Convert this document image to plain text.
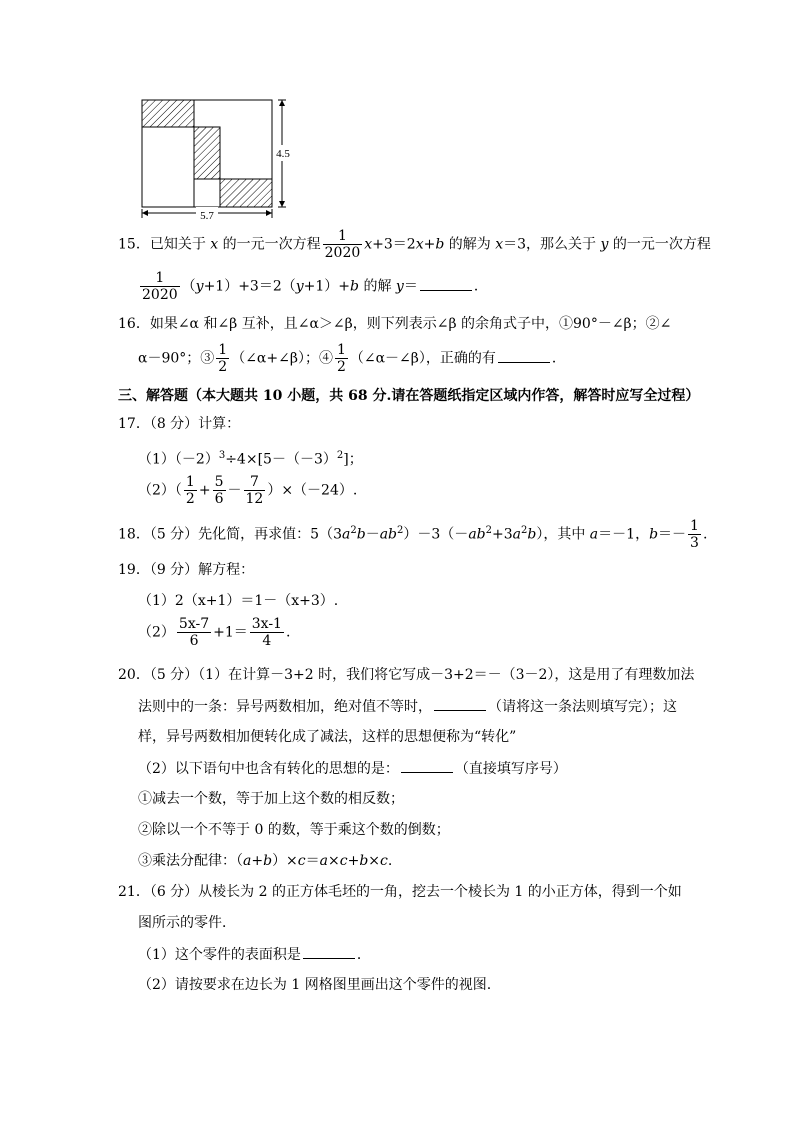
4.5
5.7
15．已知关于 x 的一元一次方程 $\frac{1}{2020} x+3=2x+b$ 的解为 x＝3，那么关于 y 的一元一次方程
$\frac{1}{2020} (y+1)+3=2(y+1)+b$ 的解 y＝	．
16．如果∠α 和∠β 互补，且∠α＞∠β，则下列表示∠β 的余角式子中，①90°－∠β；②∠
α－90°；③ $\frac{1}{2}$ （∠α+∠β）；④ $\frac{1}{2}$ （∠α－∠β），正确的有	．
三、解答题（本大题共 10 小题，共 68 分.请在答题纸指定区域内作答，解答时应写全过程）
17．（8 分）计算：
$(1)(-2)^3\div 4\times[5-(-3)^2]$；
$(2)( \frac{1}{2} + \frac{5}{6} - \frac{7}{12} )\times(-24)$.
18．（5 分）先化简，再求值：$5(3a^2b-ab^2)-3(-ab^2+3a^2b)$，其中 a＝－1，$b=- \frac{1}{3}$ .
19．（9 分）解方程：
（1）2（x+1）＝1－（x+3）.
$(2) \frac{5x-7}{6} +1= \frac{3x-1}{4}$ .
20．（5 分）（1）在计算－3+2 时，我们将它写成－3+2＝－（3－2），这是用了有理数加法
法则中的一条：异号两数相加，绝对值不等时，	（请将这一条法则填写完）；这
样，异号两数相加便转化成了减法，这样的思想便称为“转化”
（2）以下语句中也含有转化的思想的是：	（直接填写序号）
①减去一个数，等于加上这个数的相反数；
②除以一个不等于 0 的数，等于乘这个数的倒数；
③乘法分配律：（a+b）×c＝a×c+b×c.
21．（6 分）从棱长为 2 的正方体毛坯的一角，挖去一个棱长为 1 的小正方体，得到一个如
图所示的零件．
（1）这个零件的表面积是	．
（2）请按要求在边长为 1 网格图里画出这个零件的视图.
